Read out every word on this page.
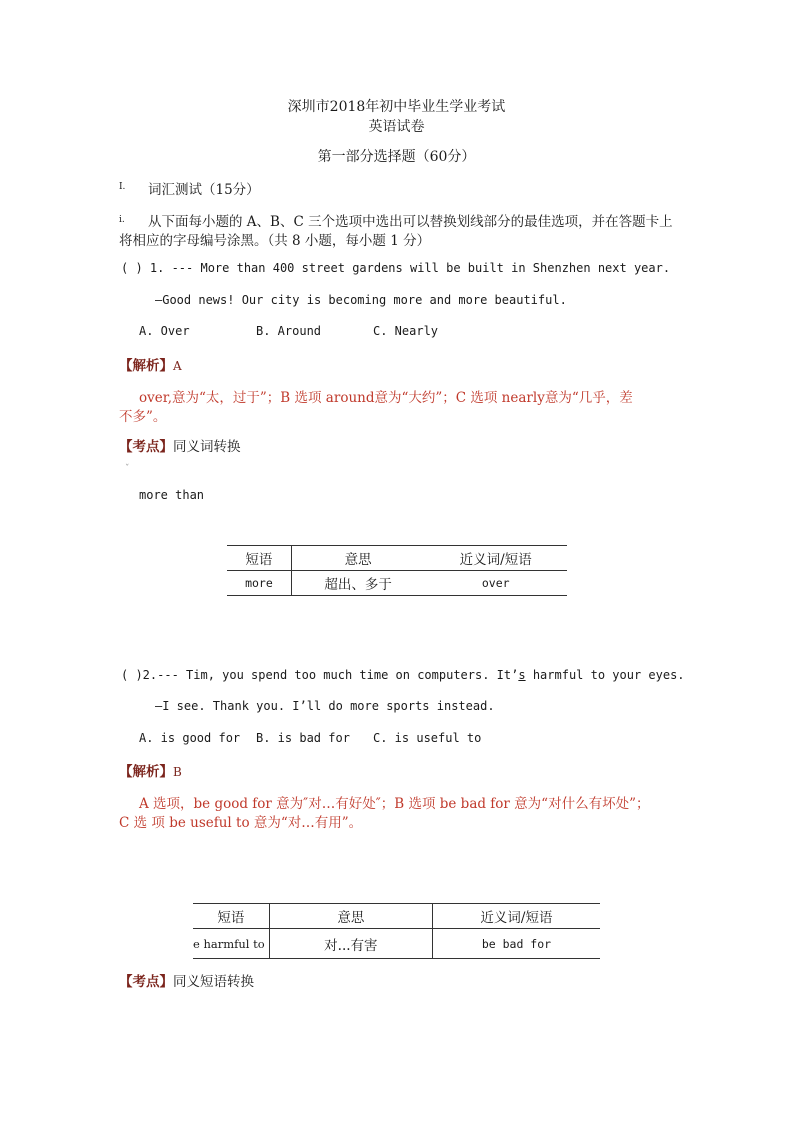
深圳市2018年初中毕业生学业考试
英语试卷
第一部分选择题（60分）
I. 词汇测试（15分）
i. 从下面每小题的 A、B、C 三个选项中选出可以替换划线部分的最佳选项，并在答题卡上
将相应的字母编号涂黑。（共 8 小题，每小题 1 分）
( ) 1. --- More than 400 street gardens will be built in Shenzhen next year.
—Good news! Our city is becoming more and more beautiful.
A. Over	B. Around	C. Nearly
【解析】A
over,意为“太，过于”；B 选项 around意为“大约”；C 选项 nearly意为“几乎，差
不多”。
【考点】同义词转换
ˇ
more than
短语	意思	近义词/短语
more	超出、多于	over
( )2.--- Tim, you spend too much time on computers. It’s harmful to your eyes.
—I see. Thank you. I’ll do more sports instead.
A. is good for B. is bad for C. is useful to
【解析】B
A 选项，be good for 意为″对…有好处″；B 选项 be bad for 意为“对什么有坏处”；
C 选 项 be useful to 意为“对…有用”。
短语	意思	近义词/短语
e harmful to	对...有害	be bad for
【考点】同义短语转换
